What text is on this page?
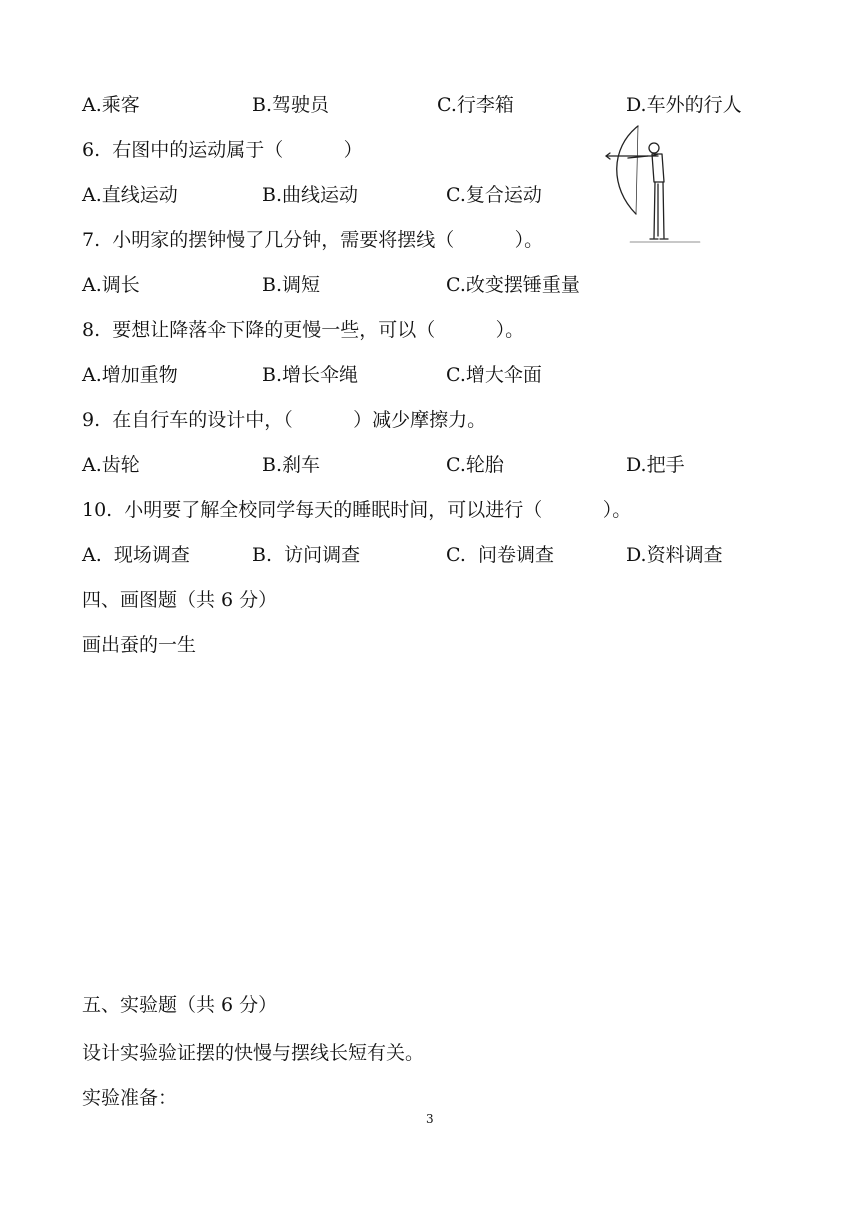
A.乘客	B.驾驶员	C.行李箱	D.车外的行人
6.  右图中的运动属于（          ）
A.直线运动	B.曲线运动	C.复合运动
7.  小明家的摆钟慢了几分钟，需要将摆线（          ）。
A.调长	B.调短	C.改变摆锤重量
8.  要想让降落伞下降的更慢一些，可以（          ）。
A.增加重物	B.增长伞绳	C.增大伞面
9.  在自行车的设计中，（          ）减少摩擦力。
A.齿轮	B.刹车	C.轮胎	D.把手
10.  小明要了解全校同学每天的睡眠时间，可以进行（          ）。
A.  现场调查	B.  访问调查	C.  问卷调查	D.资料调查
四、画图题（共 6 分）
画出蚕的一生
五、实验题（共 6 分）
设计实验验证摆的快慢与摆线长短有关。
实验准备：
3
